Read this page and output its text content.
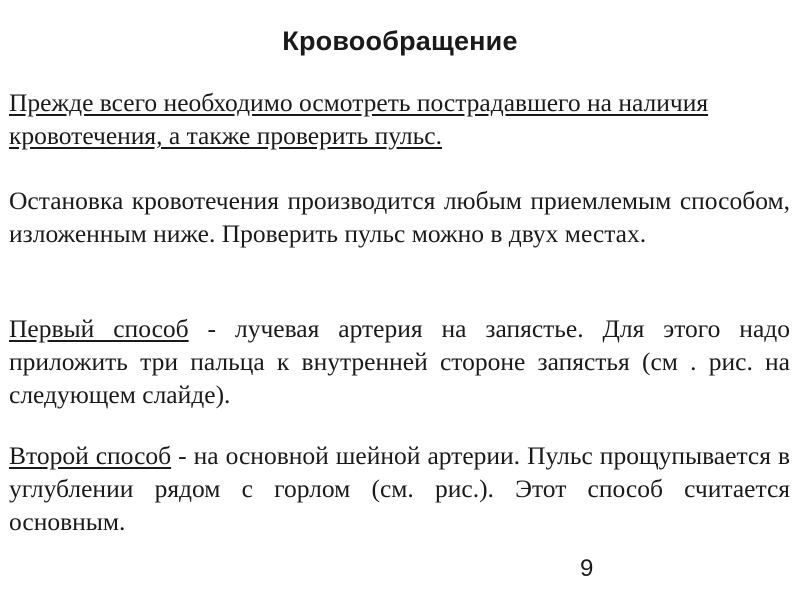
Кровообращение

Прежде всего необходимо осмотреть пострадавшего на наличия кровотечения, а также проверить пульс.

Остановка кровотечения производится любым приемлемым способом, изложенным ниже. Проверить пульс можно в двух местах.

Первый способ - лучевая артерия на запястье. Для этого надо приложить три пальца к внутренней стороне запястья (см . рис. на следующем слайде).

Второй способ - на основной шейной артерии. Пульс прощупывается в углублении рядом с горлом (см. рис.). Этот способ считается основным.

9
